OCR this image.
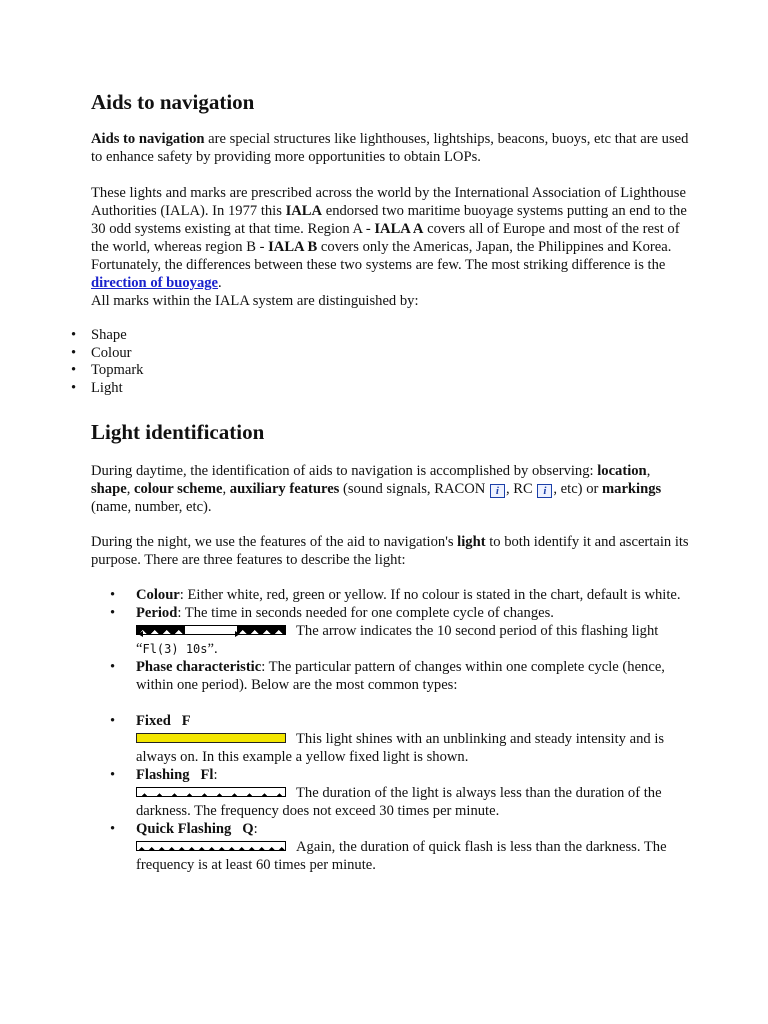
Aids to navigation

Aids to navigation are special structures like lighthouses, lightships, beacons, buoys, etc that are used to enhance safety by providing more opportunities to obtain LOPs.

These lights and marks are prescribed across the world by the International Association of Lighthouse Authorities (IALA). In 1977 this IALA endorsed two maritime buoyage systems putting an end to the 30 odd systems existing at that time. Region A - IALA A covers all of Europe and most of the rest of the world, whereas region B - IALA B covers only the Americas, Japan, the Philippines and Korea. Fortunately, the differences between these two systems are few. The most striking difference is the direction of buoyage.

All marks within the IALA system are distinguished by:

• Shape
• Colour
• Topmark
• Light
Light identification

During daytime, the identification of aids to navigation is accomplished by observing: location, shape, colour scheme, auxiliary features (sound signals, RACON i , RC i , etc) or markings (name, number, etc).

During the night, we use the features of the aid to navigation's light to both identify it and ascertain its purpose. There are three features to describe the light:

• Colour: Either white, red, green or yellow. If no colour is stated in the chart, default is white.
• Period: The time in seconds needed for one complete cycle of changes.

The arrow indicates the 10 second period of this flashing light “Fl(3) 10s”.
• Phase characteristic: The particular pattern of changes within one complete cycle (hence, within one period). Below are the most common types:
• Fixed   F
This light shines with an unblinking and steady intensity and is always on. In this example a yellow fixed light is shown.
• Flashing   Fl:
The duration of the light is always less than the duration of the darkness. The frequency does not exceed 30 times per minute.
• Quick Flashing   Q:
Again, the duration of quick flash is less than the darkness. The frequency is at least 60 times per minute.
